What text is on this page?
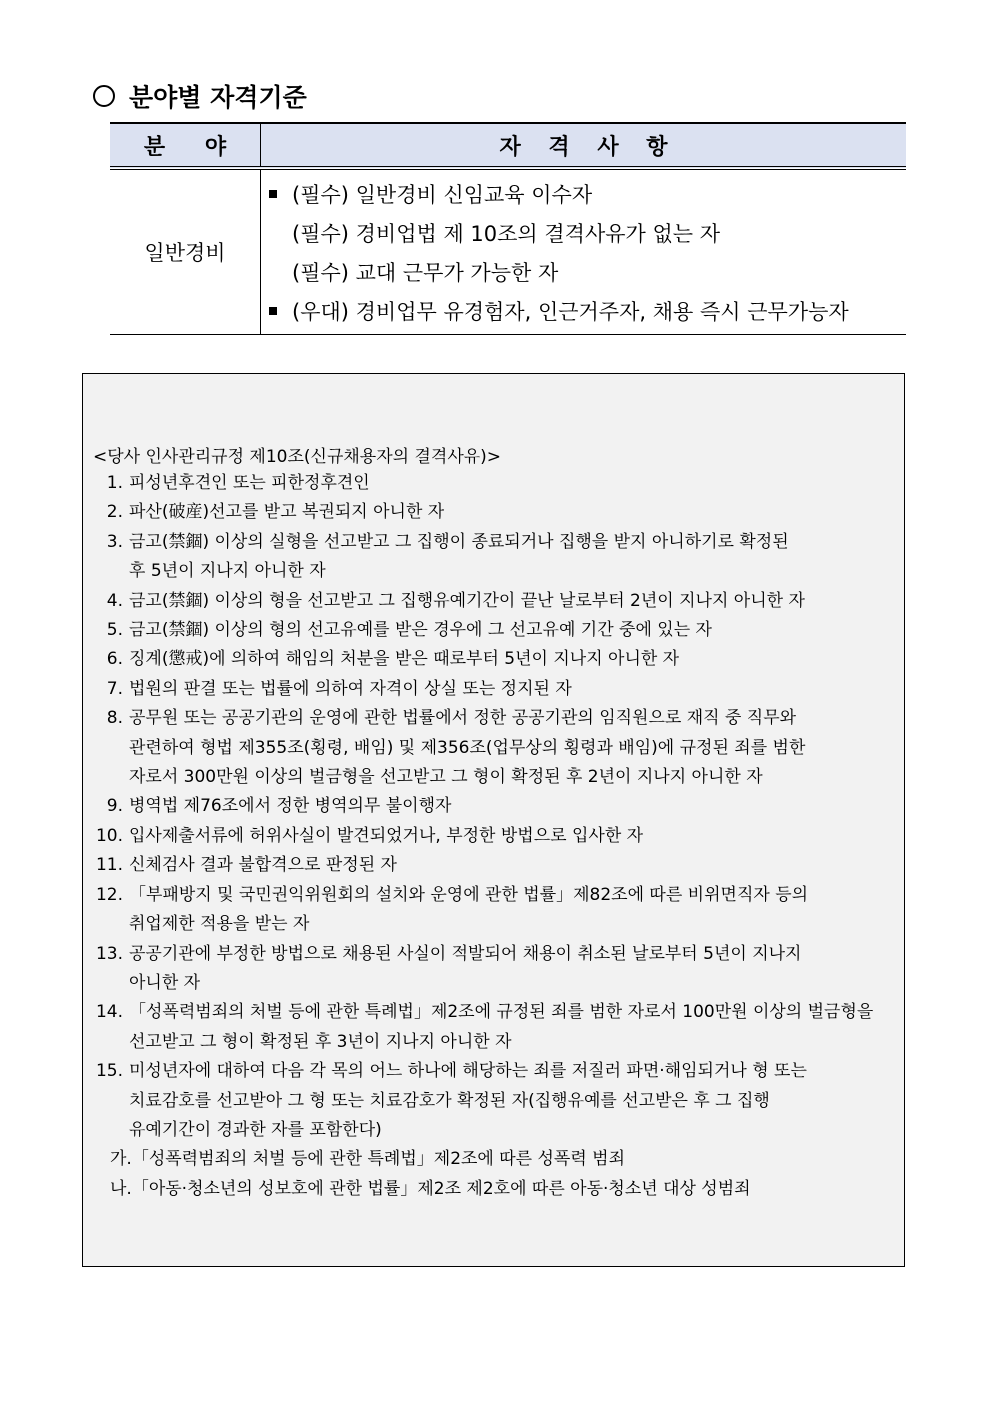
분야별 자격기준
분 야	자 격 사 항
일반경비	(필수) 일반경비 신임교육 이수자
(필수) 경비업법 제 10조의 결격사유가 없는 자
(필수) 교대 근무가 가능한 자
(우대) 경비업무 유경험자, 인근거주자, 채용 즉시 근무가능자
<당사 인사관리규정 제10조(신규채용자의 결격사유)>
1. 피성년후견인 또는 피한정후견인
2. 파산(破産)선고를 받고 복권되지 아니한 자
3. 금고(禁錮) 이상의 실형을 선고받고 그 집행이 종료되거나 집행을 받지 아니하기로 확정된
후 5년이 지나지 아니한 자
4. 금고(禁錮) 이상의 형을 선고받고 그 집행유예기간이 끝난 날로부터 2년이 지나지 아니한 자
5. 금고(禁錮) 이상의 형의 선고유예를 받은 경우에 그 선고유예 기간 중에 있는 자
6. 징계(懲戒)에 의하여 해임의 처분을 받은 때로부터 5년이 지나지 아니한 자
7. 법원의 판결 또는 법률에 의하여 자격이 상실 또는 정지된 자
8. 공무원 또는 공공기관의 운영에 관한 법률에서 정한 공공기관의 임직원으로 재직 중 직무와
관련하여 형법 제355조(횡령, 배임) 및 제356조(업무상의 횡령과 배임)에 규정된 죄를 범한
자로서 300만원 이상의 벌금형을 선고받고 그 형이 확정된 후 2년이 지나지 아니한 자
9. 병역법 제76조에서 정한 병역의무 불이행자
10. 입사제출서류에 허위사실이 발견되었거나, 부정한 방법으로 입사한 자
11. 신체검사 결과 불합격으로 판정된 자
12. 「부패방지 및 국민권익위원회의 설치와 운영에 관한 법률」제82조에 따른 비위면직자 등의
취업제한 적용을 받는 자
13. 공공기관에 부정한 방법으로 채용된 사실이 적발되어 채용이 취소된 날로부터 5년이 지나지
아니한 자
14. 「성폭력범죄의 처벌 등에 관한 특례법」제2조에 규정된 죄를 범한 자로서 100만원 이상의 벌금형을
선고받고 그 형이 확정된 후 3년이 지나지 아니한 자
15. 미성년자에 대하여 다음 각 목의 어느 하나에 해당하는 죄를 저질러 파면·해임되거나 형 또는
치료감호를 선고받아 그 형 또는 치료감호가 확정된 자(집행유예를 선고받은 후 그 집행
유예기간이 경과한 자를 포함한다)
가.「성폭력범죄의 처벌 등에 관한 특례법」제2조에 따른 성폭력 범죄
나.「아동·청소년의 성보호에 관한 법률」제2조 제2호에 따른 아동·청소년 대상 성범죄
